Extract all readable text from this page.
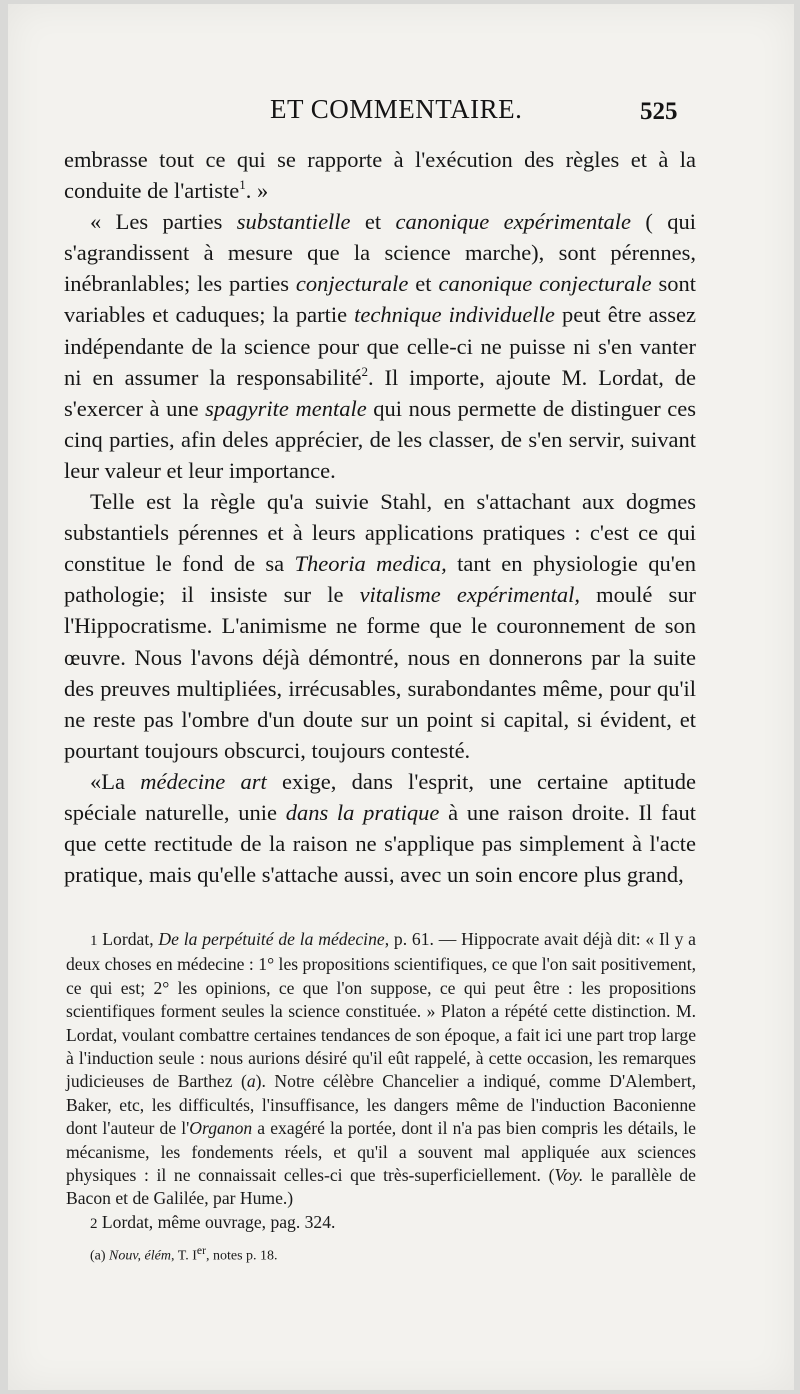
ET COMMENTAIRE.	525

embrasse tout ce qui se rapporte à l'exécution des règles et à la conduite de l'artiste$^1$. »

« Les parties substantielle et canonique expérimentale ( qui s'agrandissent à mesure que la science marche), sont pérennes, inébranlables; les parties conjecturale et canonique conjecturale sont variables et caduques; la partie technique individuelle peut être assez indépendante de la science pour que celle-ci ne puisse ni s'en vanter ni en assumer la responsabilité$^2$. Il importe, ajoute M. Lordat, de s'exercer à une spagyrite mentale qui nous permette de distinguer ces cinq parties, afin deles apprécier, de les classer, de s'en servir, suivant leur valeur et leur importance.

Telle est la règle qu'a suivie Stahl, en s'attachant aux dogmes substantiels pérennes et à leurs applications pratiques : c'est ce qui constitue le fond de sa Theoria medica, tant en physiologie qu'en pathologie; il insiste sur le vitalisme expérimental, moulé sur l'Hippocratisme. L'animisme ne forme que le couronnement de son œuvre. Nous l'avons déjà démontré, nous en donnerons par la suite des preuves multipliées, irrécusables, surabondantes même, pour qu'il ne reste pas l'ombre d'un doute sur un point si capital, si évident, et pourtant toujours obscurci, toujours contesté.

«La médecine art exige, dans l'esprit, une certaine aptitude spéciale naturelle, unie dans la pratique à une raison droite. Il faut que cette rectitude de la raison ne s'applique pas simplement à l'acte pratique, mais qu'elle s'attache aussi, avec un soin encore plus grand,

1 Lordat, De la perpétuité de la médecine, p. 61. — Hippocrate avait déjà dit: « Il y a deux choses en médecine : 1° les propositions scientifiques, ce que l'on sait positivement, ce qui est; 2° les opinions, ce que l'on suppose, ce qui peut être : les propositions scientifiques forment seules la science constituée. » Platon a répété cette distinction. M. Lordat, voulant combattre certaines tendances de son époque, a fait ici une part trop large à l'induction seule : nous aurions désiré qu'il eût rappelé, à cette occasion, les remarques judicieuses de Barthez (a). Notre célèbre Chancelier a indiqué, comme D'Alembert, Baker, etc, les difficultés, l'insuffisance, les dangers même de l'induction Baconienne dont l'auteur de l'Organon a exagéré la portée, dont il n'a pas bien compris les détails, le mécanisme, les fondements réels, et qu'il a souvent mal appliquée aux sciences physiques : il ne connaissait celles-ci que très-superficiellement. (Voy. le parallèle de Bacon et de Galilée, par Hume.)

2 Lordat, même ouvrage, pag. 324.

(a) Nouv, élém, T. Ier, notes p. 18.
